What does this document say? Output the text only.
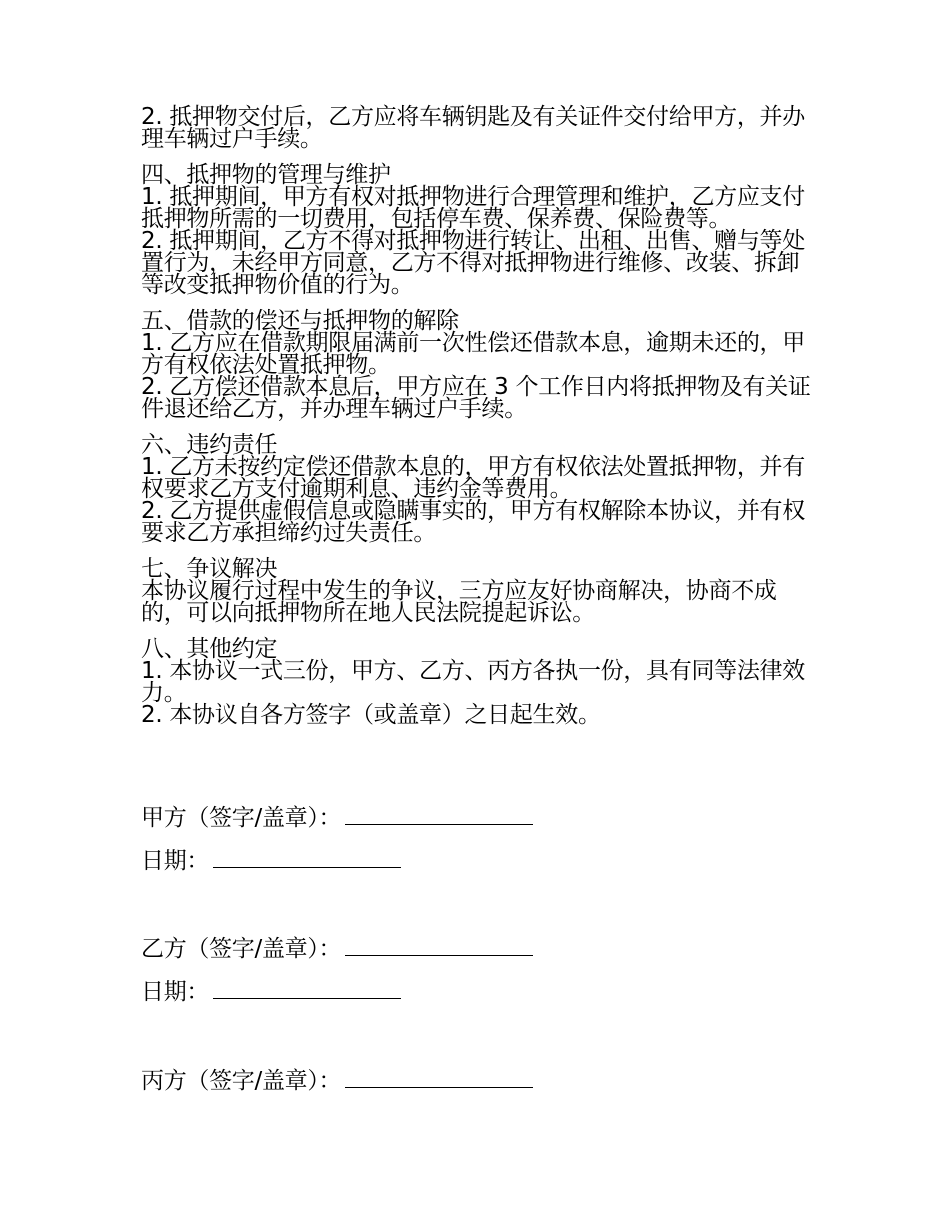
2. 抵押物交付后，乙方应将车辆钥匙及有关证件交付给甲方，并办理车辆过户手续。

四、抵押物的管理与维护

1. 抵押期间，甲方有权对抵押物进行合理管理和维护，乙方应支付抵押物所需的一切费用，包括停车费、保养费、保险费等。

2. 抵押期间，乙方不得对抵押物进行转让、出租、出售、赠与等处置行为，未经甲方同意，乙方不得对抵押物进行维修、改装、拆卸等改变抵押物价值的行为。

五、借款的偿还与抵押物的解除

1. 乙方应在借款期限届满前一次性偿还借款本息，逾期未还的，甲方有权依法处置抵押物。

2. 乙方偿还借款本息后，甲方应在 3 个工作日内将抵押物及有关证件退还给乙方，并办理车辆过户手续。

六、违约责任

1. 乙方未按约定偿还借款本息的，甲方有权依法处置抵押物，并有权要求乙方支付逾期利息、违约金等费用。

2. 乙方提供虚假信息或隐瞒事实的，甲方有权解除本协议，并有权要求乙方承担缔约过失责任。

七、争议解决

本协议履行过程中发生的争议，三方应友好协商解决，协商不成的，可以向抵押物所在地人民法院提起诉讼。

八、其他约定

1. 本协议一式三份，甲方、乙方、丙方各执一份，具有同等法律效力。

2. 本协议自各方签字（或盖章）之日起生效。

甲方（签字/盖章）：
日期：
乙方（签字/盖章）：
日期：
丙方（签字/盖章）：
